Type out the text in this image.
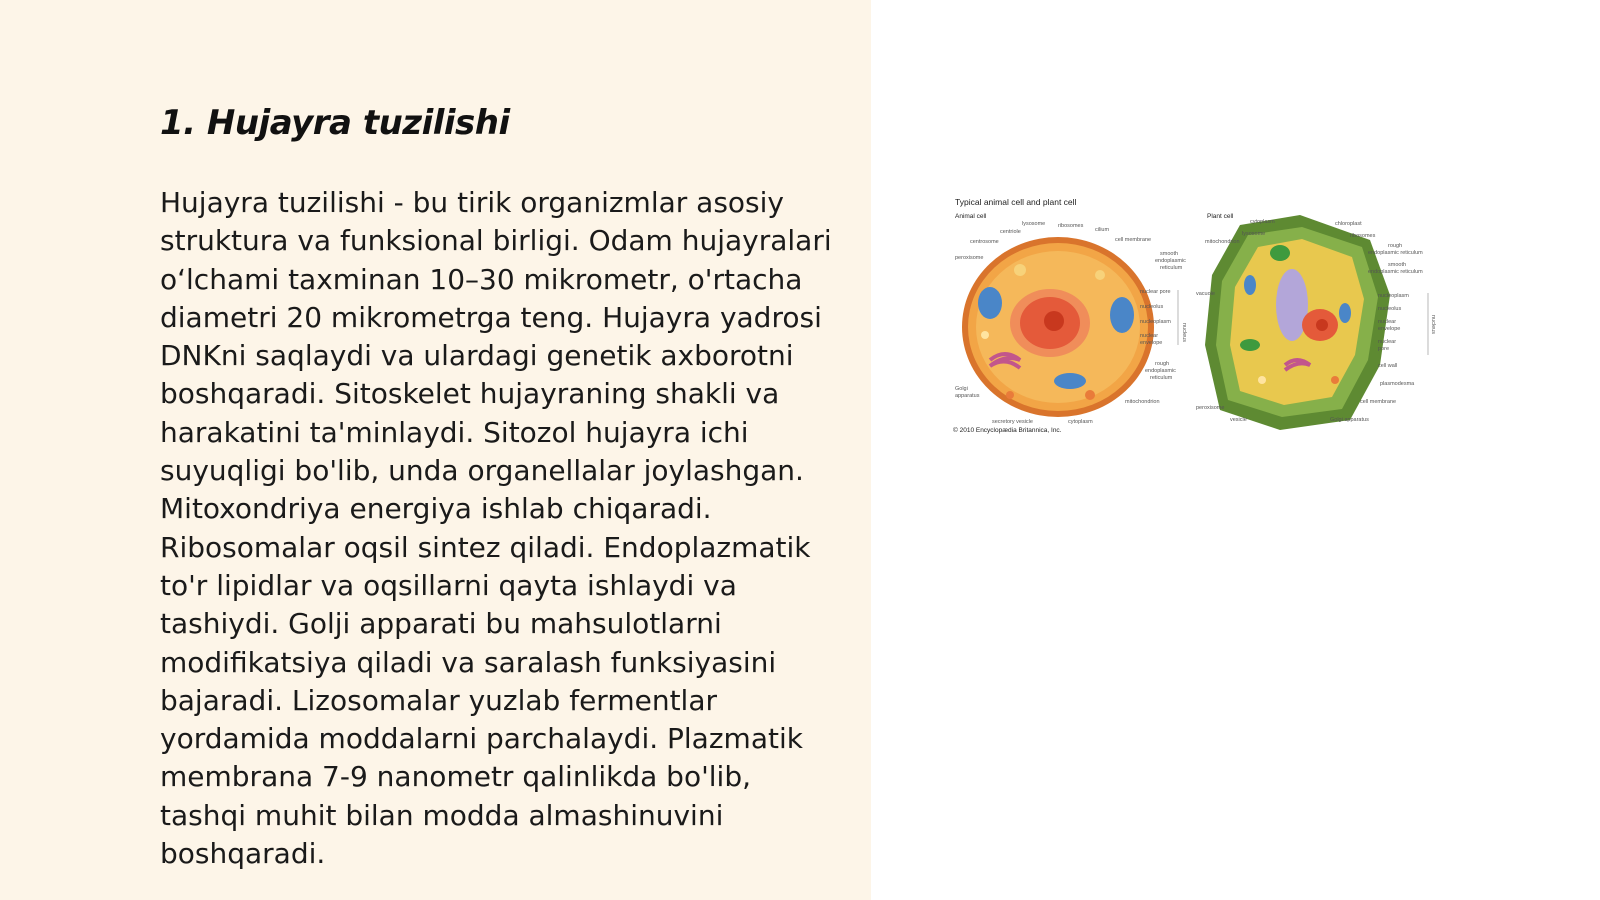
1. Hujayra tuzilishi

Hujayra tuzilishi - bu tirik organizmlar asosiy struktura va funksional birligi. Odam hujayralari oʻlchami taxminan 10–30 mikrometr, o'rtacha diametri 20 mikrometrga teng. Hujayra yadrosi DNKni saqlaydi va ulardagi genetik axborotni boshqaradi. Sitoskelet hujayraning shakli va harakatini ta'minlaydi. Sitozol hujayra ichi suyuqligi bo'lib, unda organellalar joylashgan. Mitoxondriya energiya ishlab chiqaradi. Ribosomalar oqsil sintez qiladi. Endoplazmatik to'r lipidlar va oqsillarni qayta ishlaydi va tashiydi. Golji apparati bu mahsulotlarni modifikatsiya qiladi va saralash funksiyasini bajaradi. Lizosomalar yuzlab fermentlar yordamida moddalarni parchalaydi. Plazmatik membrana 7-9 nanometr qalinlikda bo'lib, tashqi muhit bilan modda almashinuvini boshqaradi.

Typical animal cell and plant cell
Animal cell	Plant cell
lysosome ribosomes
cilium
centriole
centrosome
peroxisome
cell membrane
smooth
endoplasmic
reticulum
nuclear pore
nucleolus
nucleoplasm
nuclear
envelope
rough
endoplasmic
reticulum
mitochondrion
Golgi
apparatus
secretory vesicle	cytoplasm
nucleus
cytoplasm	chloroplast
lysosome
mitochondrion
ribosomes
rough
endoplasmic reticulum
smooth
endoplasmic reticulum
vacuole	nucleoplasm
nucleolus
nuclear
envelope
nuclear
pore
cell wall
plasmodesma
cell membrane
peroxisome
vesicle	Golgi apparatus
nucleus
© 2010 Encyclopædia Britannica, Inc.
